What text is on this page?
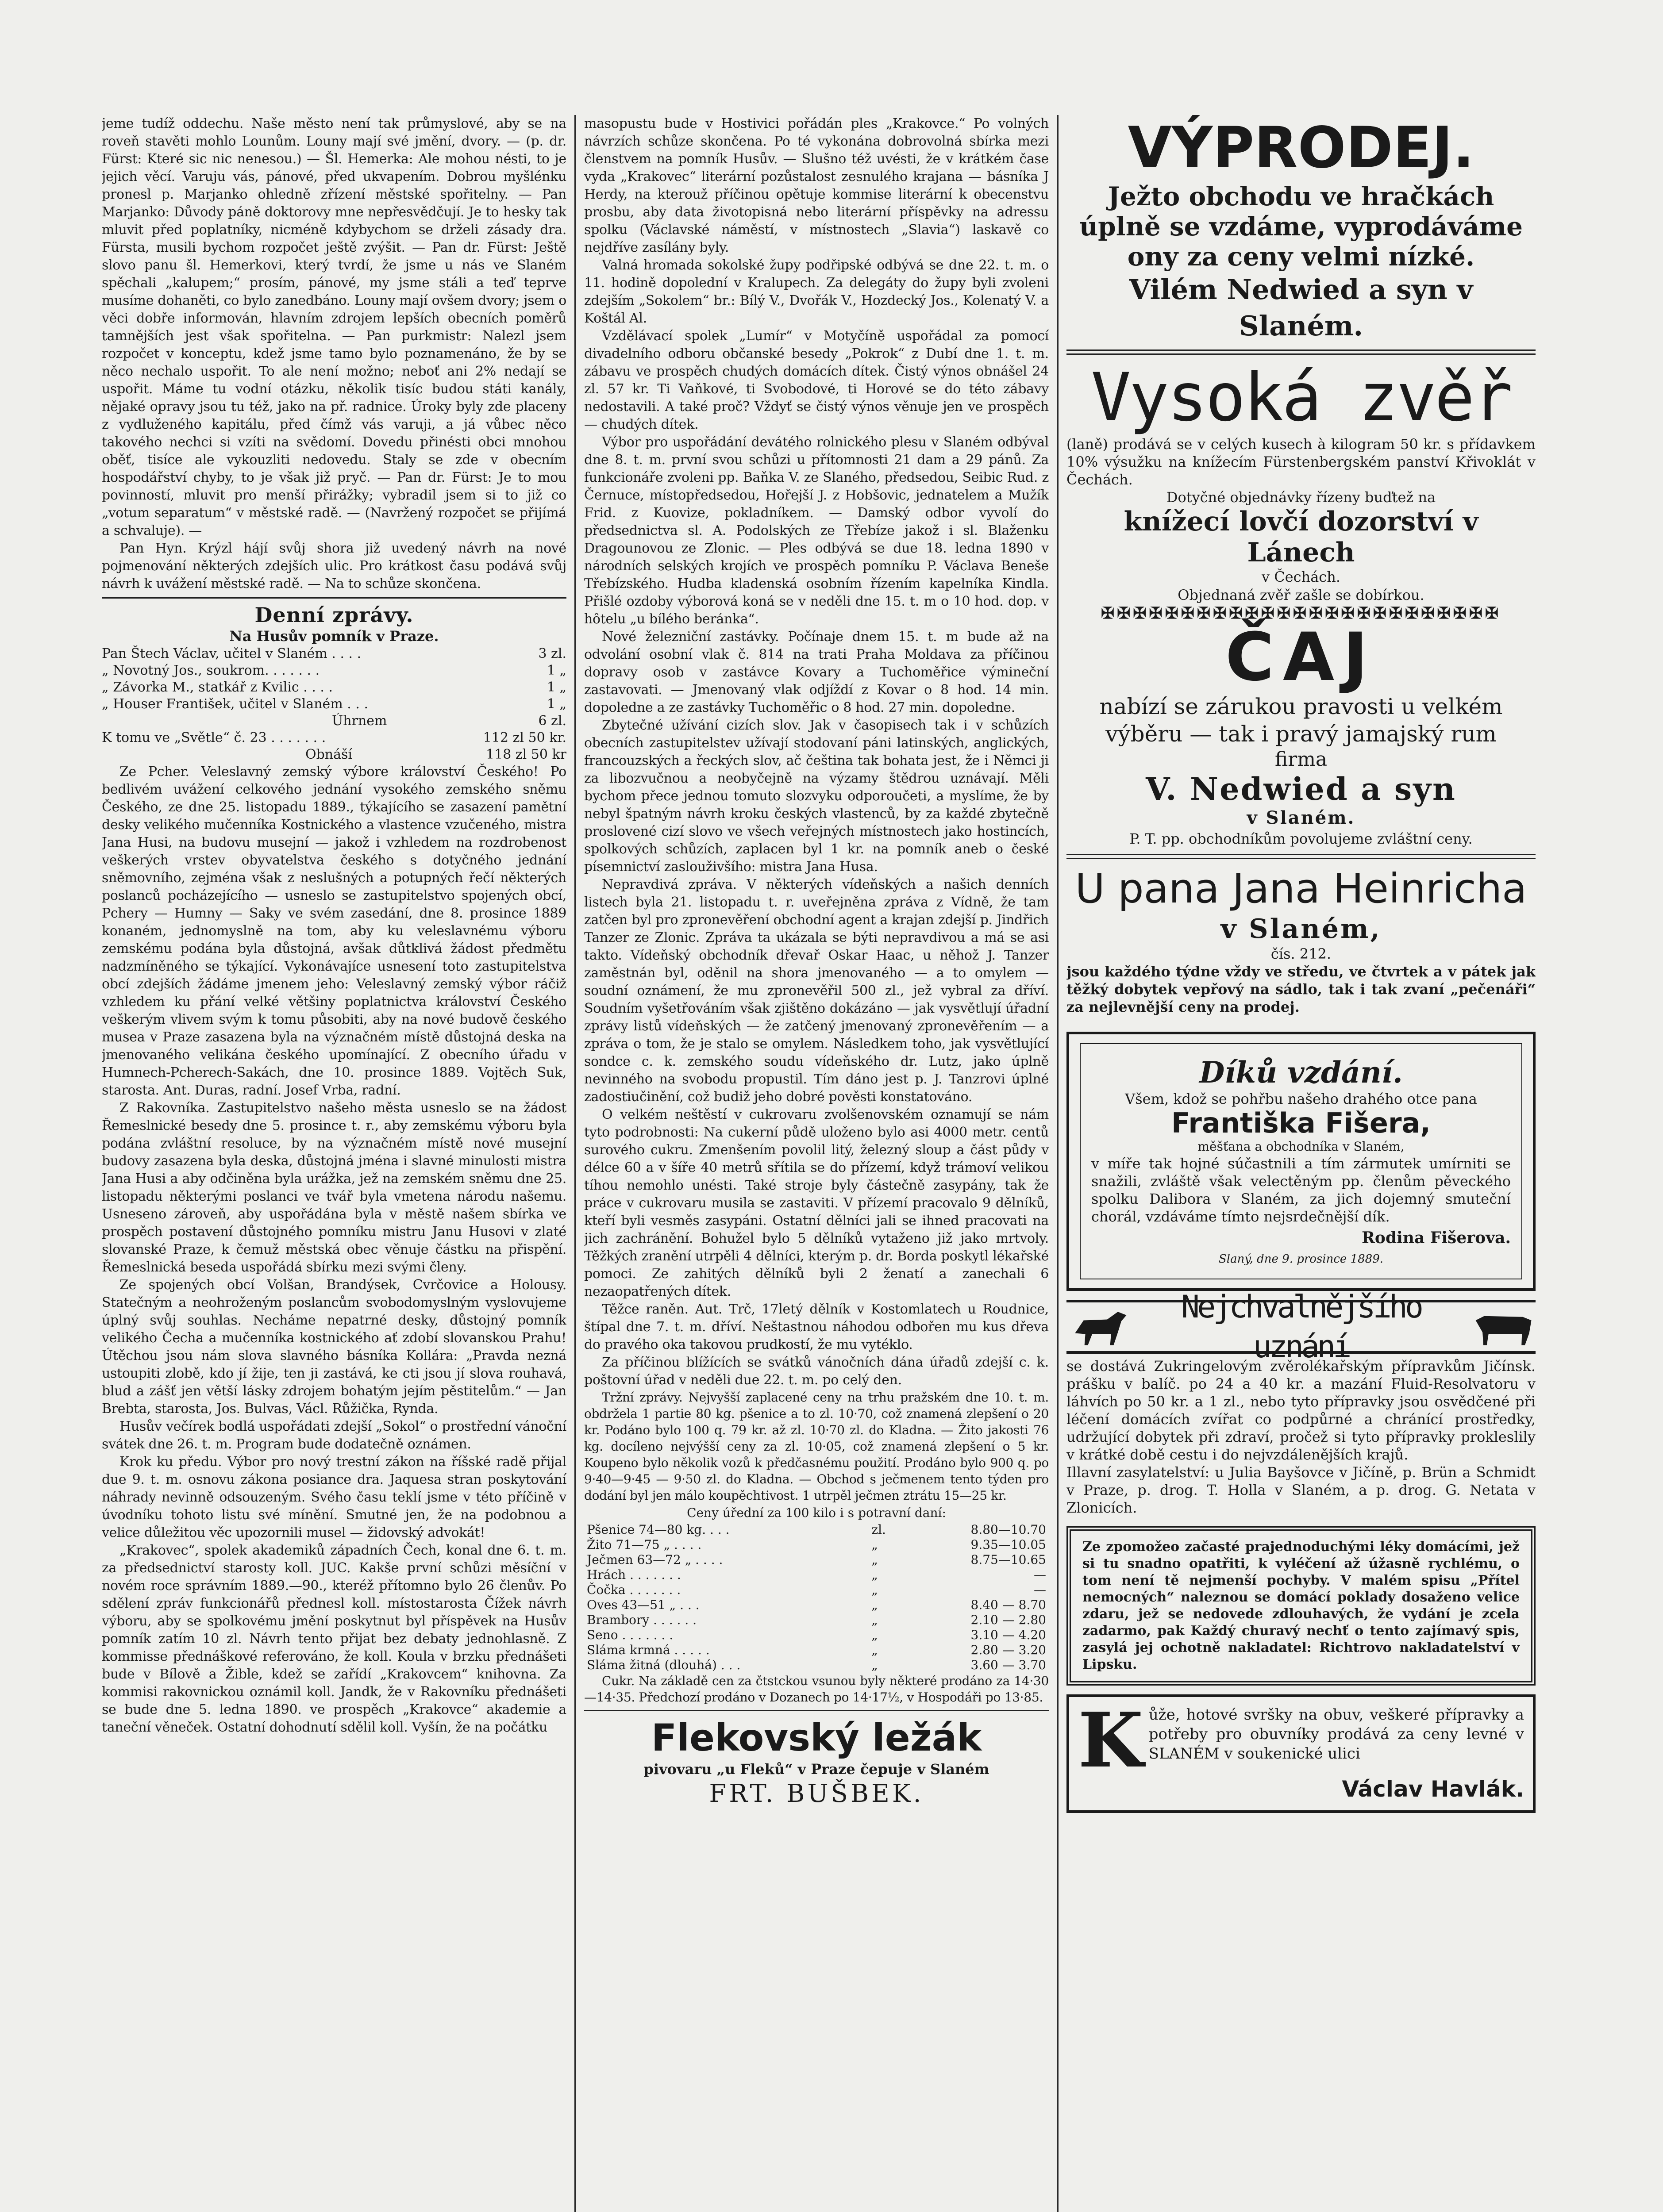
jeme tudíž oddechu. Naše město není tak průmyslové, aby se na roveň stavěti mohlo Lounům. Louny mají své jmění, dvory. — (p. dr. Fürst: Které sic nic nenesou.) — Šl. Hemerka: Ale mohou nésti, to je jejich věcí. Varuju vás, pánové, před ukvapením. Dobrou myšlénku pronesl p. Marjanko ohledně zřízení městské spořitelny. — Pan Marjanko: Důvody páně doktorovy mne nepřesvědčují. Je to hesky tak mluvit před poplatníky, nicméně kdybychom se drželi zásady dra. Fürsta, musili bychom rozpočet ještě zvýšit. — Pan dr. Fürst: Ještě slovo panu šl. Hemerkovi, který tvrdí, že jsme u nás ve Slaném spěchali „kalupem;“ prosím, pánové, my jsme stáli a teď teprve musíme dohaněti, co bylo zanedbáno. Louny mají ovšem dvory; jsem o věci dobře informován, hlavním zdrojem lepších obecních poměrů tamnějších jest však spořitelna. — Pan purkmistr: Nalezl jsem rozpočet v konceptu, kdež jsme tamo bylo poznamenáno, že by se něco nechalo uspořit. To ale není možno; neboť ani 2% nedají se uspořit. Máme tu vodní otázku, několik tisíc budou státi kanály, nějaké opravy jsou tu též, jako na př. radnice. Úroky byly zde placeny z vydluženého kapitálu, před čímž vás varuji, a já vůbec něco takového nechci si vzíti na svědomí. Dovedu přinésti obci mnohou oběť, tisíce ale vykouzliti nedovedu. Staly se zde v obecním hospodářství chyby, to je však již pryč. — Pan dr. Fürst: Je to mou povinností, mluvit pro menší přirážky; vybradil jsem si to již co „votum separatum“ v městské radě. — (Navržený rozpočet se přijímá a schvaluje). —

Pan Hyn. Krýzl hájí svůj shora již uvedený návrh na nové pojmenování některých zdejších ulic. Pro krátkost času podává svůj návrh k uvážení městské radě. — Na to schůze skončena.

Denní zprávy.
Na Husův pomník v Praze.
Pan Štech Václav, učitel v Slaném . . . .	3 zl.
„ Novotný Jos., soukrom. . . . . . .	1 „
„ Závorka M., statkář z Kvilic . . . .	1 „
„ Houser František, učitel v Slaném . . .	1 „
Úhrnem	6 zl.
K tomu ve „Světle“ č. 23 . . . . . . .	112 zl 50 kr.
Obnáší	118 zl 50 kr

Ze Pcher. Veleslavný zemský výbore království Českého! Po bedlivém uvážení celkového jednání vysokého zemského sněmu Českého, ze dne 25. listopadu 1889., týkajícího se zasazení pamětní desky velikého mučenníka Kostnického a vlastence vzučeného, mistra Jana Husi, na budovu musejní — jakož i vzhledem na rozdrobenost veškerých vrstev obyvatelstva českého s dotyčného jednání sněmovního, zejména však z neslušných a potupných řečí některých poslanců pocházejícího — usneslo se zastupitelstvo spojených obcí, Pchery — Humny — Saky ve svém zasedání, dne 8. prosince 1889 konaném, jednomyslně na tom, aby ku veleslavnému výboru zemskému podána byla důstojná, avšak důtklivá žádost předmětu nadzmíněného se týkající. Vykonávajíce usnesení toto zastupitelstva obcí zdejších žádáme jmenem jeho: Veleslavný zemský výbor ráčiž vzhledem ku přání velké většiny poplatnictva království Českého veškerým vlivem svým k tomu působiti, aby na nové budově českého musea v Praze zasazena byla na význačném místě důstojná deska na jmenovaného velikána českého upomínající. Z obecního úřadu v Humnech-Pcherech-Sakách, dne 10. prosince 1889. Vojtěch Suk, starosta. Ant. Duras, radní. Josef Vrba, radní.

Z Rakovníka. Zastupitelstvo našeho města usneslo se na žádost Řemeslnické besedy dne 5. prosince t. r., aby zemskému výboru byla podána zvláštní resoluce, by na význačném místě nové musejní budovy zasazena byla deska, důstojná jména i slavné minulosti mistra Jana Husi a aby odčiněna byla urážka, jež na zemském sněmu dne 25. listopadu některými poslanci ve tvář byla vmetena národu našemu. Usneseno zároveň, aby uspořádána byla v městě našem sbírka ve prospěch postavení důstojného pomníku mistru Janu Husovi v zlaté slovanské Praze, k čemuž městská obec věnuje částku na přispění. Řemeslnická beseda uspořádá sbírku mezi svými členy.

Ze spojených obcí Volšan, Brandýsek, Cvrčovice a Holousy. Statečným a neohroženým poslancům svobodomyslným vyslovujeme úplný svůj souhlas. Necháme nepatrné desky, důstojný pomník velikého Čecha a mučenníka kostnického ať zdobí slovanskou Prahu! Útěchou jsou nám slova slavného básníka Kollára: „Pravda nezná ustoupiti zlobě, kdo jí žije, ten ji zastává, ke cti jsou jí slova rouhavá, blud a zášť jen větší lásky zdrojem bohatým jejím pěstitelům.“ — Jan Brebta, starosta, Jos. Bulvas, Václ. Růžička, Rynda.

Husův večírek bodlá uspořádati zdejší „Sokol“ o prostřední vánoční svátek dne 26. t. m. Program bude dodatečně oznámen.

Krok ku předu. Výbor pro nový trestní zákon na říšské radě přijal due 9. t. m. osnovu zákona posiance dra. Jaquesa stran poskytování náhrady nevinně odsouzeným. Svého času teklí jsme v této příčině v úvodníku tohoto listu své mínění. Smutné jen, že na podobnou a velice důležitou věc upozornili musel — židovský advokát!

„Krakovec“, spolek akademiků západních Čech, konal dne 6. t. m. za předsednictví starosty koll. JUC. Kakše první schůzi měsíční v novém roce správním 1889.—90., kteréž přítomno bylo 26 členův. Po sdělení zpráv funkcionářů přednesl koll. místostarosta Čížek návrh výboru, aby se spolkovému jmění poskytnut byl příspěvek na Husův pomník zatím 10 zl. Návrh tento přijat bez debaty jednohlasně. Z kommisse přednáškové referováno, že koll. Koula v brzku přednášeti bude v Bílově a Žible, kdež se zařídí „Krakovcem“ knihovna. Za kommisi rakovnickou oznámil koll. Jandk, že v Rakovníku přednášeti se bude dne 5. ledna 1890. ve prospěch „Krakovce“ akademie a taneční věneček. Ostatní dohodnutí sdělil koll. Vyšín, že na počátku

masopustu bude v Hostivici pořádán ples „Krakovce.“ Po volných návrzích schůze skončena. Po té vykonána dobrovolná sbírka mezi členstvem na pomník Husův. — Slušno též uvésti, že v krátkém čase vyda „Krakovec“ literární pozůstalost zesnulého krajana — básníka J Herdy, na kterouž příčinou opětuje kommise literární k obecenstvu prosbu, aby data životopisná nebo literární příspěvky na adressu spolku (Václavské náměstí, v místnostech „Slavia“) laskavě co nejdříve zasílány byly.

Valná hromada sokolské župy podřipské odbývá se dne 22. t. m. o 11. hodině dopolední v Kralupech. Za delegáty do župy byli zvoleni zdejším „Sokolem“ br.: Bílý V., Dvořák V., Hozdecký Jos., Kolenatý V. a Koštál Al.

Vzdělávací spolek „Lumír“ v Motyčíně uspořádal za pomocí divadelního odboru občanské besedy „Pokrok“ z Dubí dne 1. t. m. zábavu ve prospěch chudých domácích dítek. Čistý výnos obnášel 24 zl. 57 kr. Ti Vaňkové, ti Svobodové, ti Horové se do této zábavy nedostavili. A také proč? Vždyť se čistý výnos věnuje jen ve prospěch — chudých dítek.

Výbor pro uspořádání devátého rolnického plesu v Slaném odbýval dne 8. t. m. první svou schůzi u přítomnosti 21 dam a 29 pánů. Za funkcionáře zvoleni pp. Baňka V. ze Slaného, předsedou, Seibic Rud. z Černuce, místopředsedou, Hořejší J. z Hobšovic, jednatelem a Mužík Frid. z Kuovize, pokladníkem. — Damský odbor vyvolí do předsednictva sl. A. Podolských ze Třebíze jakož i sl. Blaženku Dragounovou ze Zlonic. — Ples odbývá se due 18. ledna 1890 v národních selských krojích ve prospěch pomníku P. Václava Beneše Třebízského. Hudba kladenská osobním řízením kapelníka Kindla. Přišlé ozdoby výborová koná se v neděli dne 15. t. m o 10 hod. dop. v hôtelu „u bílého beránka“.

Nové železniční zastávky. Počínaje dnem 15. t. m bude až na odvolání osobní vlak č. 814 na trati Praha Moldava za příčinou dopravy osob v zastávce Kovary a Tuchoměřice výmineční zastavovati. — Jmenovaný vlak odjíždí z Kovar o 8 hod. 14 min. dopoledne a ze zastávky Tuchoměřic o 8 hod. 27 min. dopoledne.

Zbytečné užívání cizích slov. Jak v časopisech tak i v schůzích obecních zastupitelstev užívají stodovaní páni latinských, anglických, francouzských a řeckých slov, ač čeština tak bohata jest, že i Němci ji za libozvučnou a neobyčejně na výzamy štědrou uznávají. Měli bychom přece jednou tomuto slozvyku odporoučeti, a myslíme, že by nebyl špatným návrh kroku českých vlastenců, by za každé zbytečně proslovené cizí slovo ve všech veřejných místnostech jako hostincích, spolkových schůzích, zaplacen byl 1 kr. na pomník aneb o české písemnictví zaslouživšího: mistra Jana Husa.

Nepravdivá zpráva. V některých vídeňských a našich denních listech byla 21. listopadu t. r. uveřejněna zpráva z Vídně, že tam zatčen byl pro zpronevěření obchodní agent a krajan zdejší p. Jindřich Tanzer ze Zlonic. Zpráva ta ukázala se býti nepravdivou a má se asi takto. Vídeňský obchodník dřevař Oskar Haac, u něhož J. Tanzer zaměstnán byl, oděnil na shora jmenovaného — a to omylem — soudní oznámení, že mu zpronevěřil 500 zl., jež vybral za dříví. Soudním vyšetřováním však zjištěno dokázáno — jak vysvětlují úřadní zprávy listů vídeňských — že zatčený jmenovaný zpronevěřením — a zpráva o tom, že je stalo se omylem. Následkem toho, jak vysvětlující sondce c. k. zemského soudu vídeňského dr. Lutz, jako úplně nevinného na svobodu propustil. Tím dáno jest p. J. Tanzrovi úplné zadostiučinění, což budiž jeho dobré pověsti konstatováno.

O velkém neštěstí v cukrovaru zvolšenovském oznamují se nám tyto podrobnosti: Na cukerní půdě uloženo bylo asi 4000 metr. centů surového cukru. Zmenšením povolil litý, železný sloup a část půdy v délce 60 a v šíře 40 metrů sřítila se do přízemí, když trámoví velikou tíhou nemohlo unésti. Také stroje byly částečně zasypány, tak že práce v cukrovaru musila se zastaviti. V přízemí pracovalo 9 dělníků, kteří byli vesměs zasypáni. Ostatní dělníci jali se ihned pracovati na jich zachránění. Bohužel bylo 5 dělníků vytaženo již jako mrtvoly. Těžkých zranění utrpěli 4 dělníci, kterým p. dr. Borda poskytl lékařské pomoci. Ze zahitých dělníků byli 2 ženatí a zanechali 6 nezaopatřených dítek.

Těžce raněn. Aut. Trč, 17letý dělník v Kostomlatech u Roudnice, štípal dne 7. t. m. dříví. Neštastnou náhodou odbořen mu kus dřeva do pravého oka takovou prudkostí, že mu vytéklo.

Za příčinou blížících se svátků vánočních dána úřadů zdejší c. k. poštovní úřad v neděli due 22. t. m. po celý den.

Tržní zprávy. Nejvyšší zaplacené ceny na trhu pražském dne 10. t. m. obdržela 1 partie 80 kg. pšenice a to zl. 10·70, což znamená zlepšení o 20 kr. Podáno bylo 100 q. 79 kr. až zl. 10·70 zl. do Kladna. — Žito jakosti 76 kg. docíleno nejvýšší ceny za zl. 10·05, což znamená zlepšení o 5 kr. Koupeno bylo několik vozů k předčasnému použití. Prodáno bylo 900 q. po 9·40—9·45 — 9·50 zl. do Kladna. — Obchod s ječmenem tento týden pro dodání byl jen málo koupěchtivost. 1 utrpěl ječmen ztrátu 15—25 kr.

Ceny úřední za 100 kilo i s potravní daní:
Pšenice 74—80 kg. . . .	zl.	8.80—10.70
Žito 71—75 „ . . . .	„	9.35—10.05
Ječmen 63—72 „ . . . .	„	8.75—10.65
Hrách . . . . . . .	„	—
Čočka . . . . . . .	„	—
Oves 43—51 „ . . .	„	8.40 — 8.70
Brambory . . . . . .	„	2.10 — 2.80
Seno . . . . . . .	„	3.10 — 4.20
Sláma krmná . . . . .	„	2.80 — 3.20
Sláma žitná (dlouhá) . . .	„	3.60 — 3.70

Cukr. Na základě cen za čtstckou vsunou byly některé prodáno za 14·30—14·35. Předchozí prodáno v Dozanech po 14·17½, v Hospodáři po 13·85.

Flekovský ležák
pivovaru „u Fleků“ v Praze čepuje v Slaném
FRT. BUŠBEK.
VÝPRODEJ.
Ježto obchodu ve hračkách úplně se vzdáme, vyprodáváme ony za ceny velmi nízké.
Vilém Nedwied a syn v Slaném.
Vysoká zvěř
(laně) prodává se v celých kusech à kilogram 50 kr. s přídavkem 10% výsužku na knížecím Fürstenbergském panství Křivoklát v Čechách.
Dotyčné objednávky řízeny buďtež na
knížecí lovčí dozorství v Lánech
v Čechách.
Objednaná zvěř zašle se dobírkou.
✠✠✠✠✠✠✠✠✠✠✠✠✠✠✠✠✠✠✠✠✠✠✠✠✠
ČAJ
nabízí se zárukou pravosti u velkém výběru — tak i pravý jamajský rum
firma
V. Nedwied a syn
v Slaném.
P. T. pp. obchodníkům povolujeme zvláštní ceny.
U pana Jana Heinricha
v Slaném,
čís. 212.
jsou každého týdne vždy ve středu, ve čtvrtek a v pátek jak těžký dobytek vepřový na sádlo, tak i tak zvaní „pečenáři“ za nejlevnější ceny na prodej.
Díků vzdání.
Všem, kdož se pohřbu našeho drahého otce pana
Františka Fišera,
měšťana a obchodníka v Slaném,
v míře tak hojné súčastnili a tím zármutek umírniti se snažili, zvláště však velectěným pp. členům pěveckého spolku Dalibora v Slaném, za jich dojemný smuteční chorál, vzdáváme tímto nejsrdečnější dík.
Rodina Fišerova.
Slaný, dne 9. prosince 1889.
Nejchvalnějšího uznání
se dostává Zukringelovým zvěrolékařským přípravkům Jičínsk. prášku v balíč. po 24 a 40 kr. a mazání Fluid-Resolvatoru v láhvích po 50 kr. a 1 zl., nebo tyto přípravky jsou osvědčené při léčení domácích zvířat co podpůrné a chránící prostředky, udržující dobytek při zdraví, pročež si tyto přípravky prokleslily v krátké době cestu i do nejvzdálenějších krajů.
Illavní zasylatelství: u Julia Bayšovce v Jičíně, p. Brün a Schmidt v Praze, p. drog. T. Holla v Slaném, a p. drog. G. Netata v Zlonicích.
Ze zpomožeo začasté prajednoduchými léky domácími, jež si tu snadno opatřiti, k vyléčení až úžasně rychlému, o tom není tě nejmenší pochyby. V malém spisu „Přítel nemocných“ naleznou se domácí poklady dosaženo velice zdaru, jež se nedovede zdlouhavých, že vydání je zcela zadarmo, pak Každý churavý nechť o tento zajímavý spis, zasylá jej ochotně nakladatel: Richtrovo nakladatelství v Lipsku.
K ůže, hotové svršky na obuv, veškeré přípravky a potřeby pro obuvníky prodává za ceny levné v SLANÉM v soukenické ulici
Václav Havlák.
